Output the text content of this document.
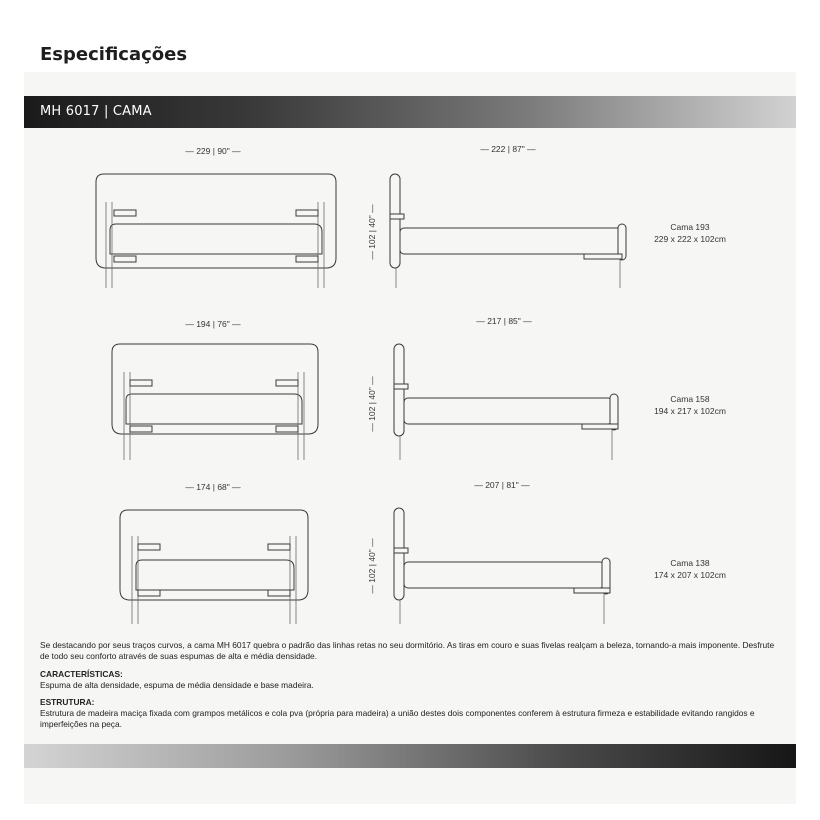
Especificações
MH 6017 | CAMA
— 229 | 90" —	— 222 | 87" —
— 102 | 40" —	Cama 193
229 x 222 x 102cm
— 194 | 76" —	— 217 | 85" —
— 102 | 40" —	Cama 158
194 x 217 x 102cm
— 174 | 68" —	— 207 | 81" —
— 102 | 40" —	Cama 138
174 x 207 x 102cm
Se destacando por seus traços curvos, a cama MH 6017 quebra o padrão das linhas retas no seu dormitório. As tiras em couro e suas fivelas realçam a beleza, tornando-a mais imponente. Desfrute de todo seu conforto através de suas espumas de alta e média densidade.
CARACTERÍSTICAS:
Espuma de alta densidade, espuma de média densidade e base madeira.
ESTRUTURA:
Estrutura de madeira maciça fixada com grampos metálicos e cola pva (própria para madeira) a união destes dois componentes conferem à estrutura firmeza e estabilidade evitando rangidos e imperfeições na peça.
